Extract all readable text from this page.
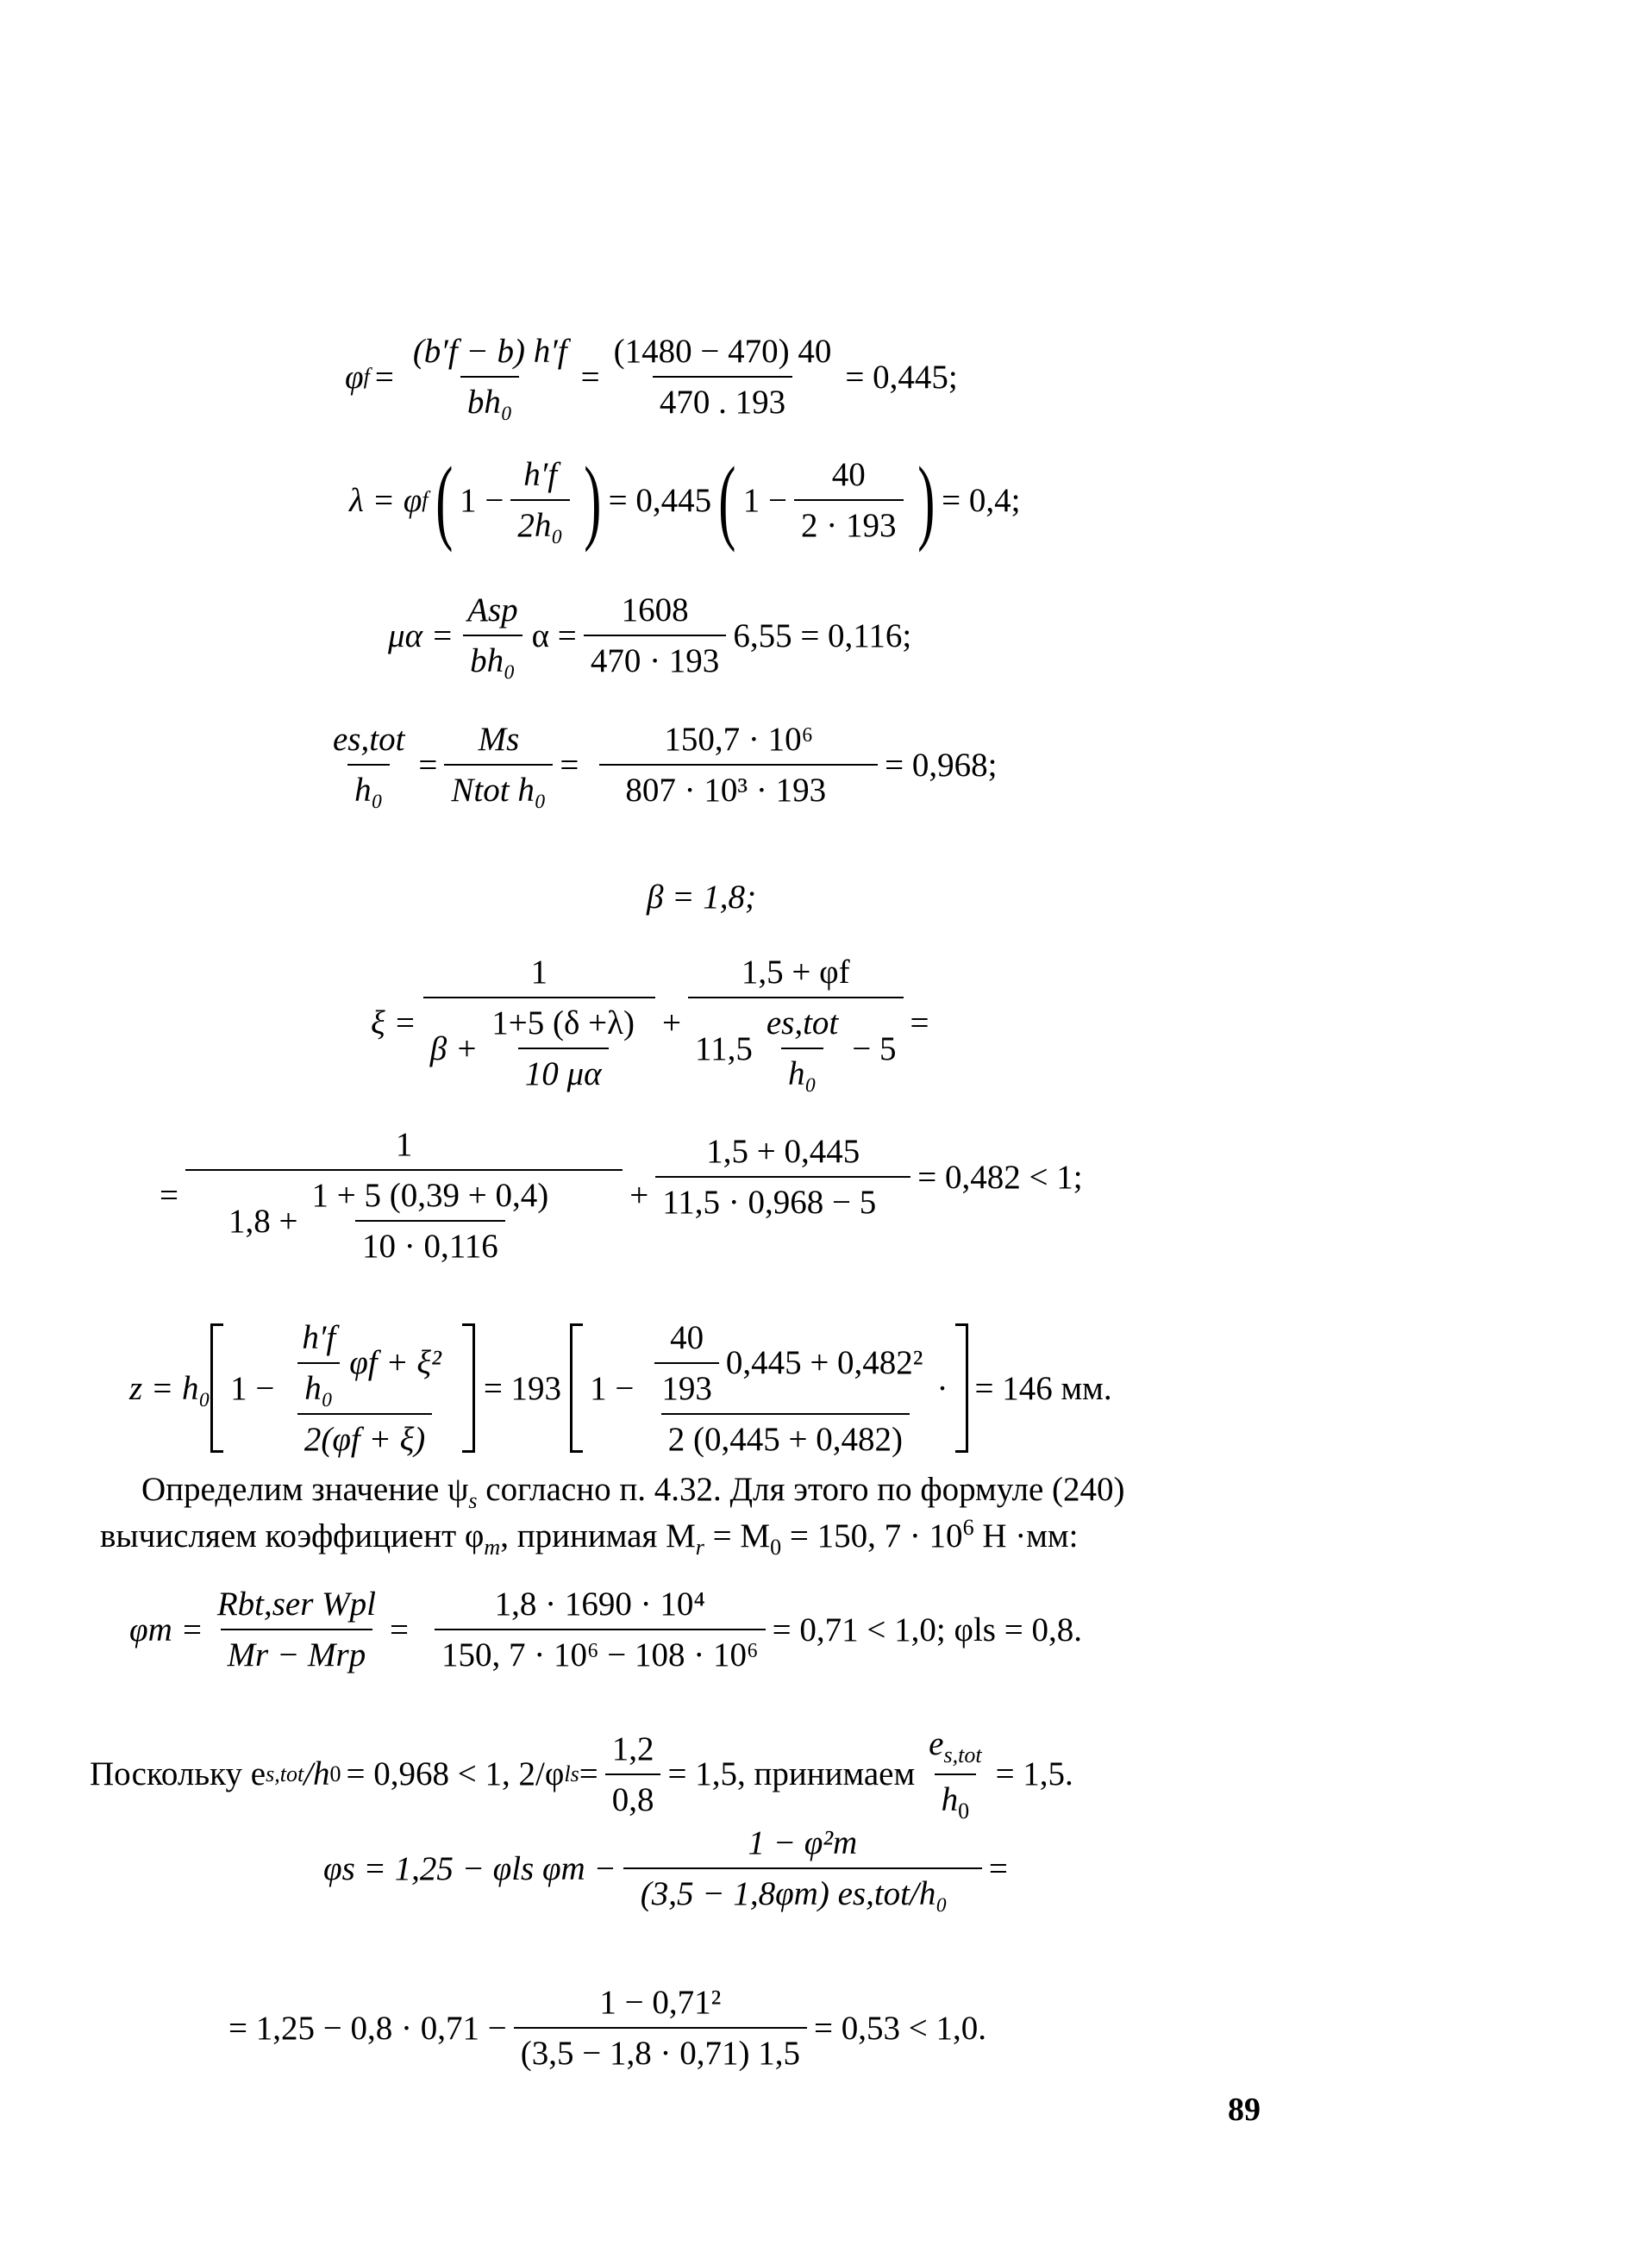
φ $f = \frac{(b'f - b) h'f}{\text{bh₀}} = \frac{(1480 - 470) 40}{470 . 193} = 0,445$;
λ = φ f ( $1 - \frac{h'f}{\text{2h₀}}$ ) = 0,445 ( $1 - \frac{40}{2 \cdot 193}$ ) = 0,4;
$\mu\alpha = \frac{\text{Asp}}{\text{bh₀}}$ $\alpha = \frac{1608}{470 \cdot 193} 6,55 = 0,116$;
$\frac{\text{es,tot}}{\text{h₀}} = \frac{Ms}{\text{Ntot h₀}} = \frac{\text{150,7 · 10⁶}}{\text{807 · 10³ · 193}} = 0,968$;
β = 1,8;
$\xi = \frac{1}{\beta + \frac{1+5 (\delta +\lambda)}{10 \mu\alpha}} + \frac{1,5 + \varphi f}{11,5 \frac{\text{es,tot}}{\text{h₀}} - 5}$ =
= $\frac{1}{1,8 + \frac{1 + 5 (0,39 + 0,4)}{10 \cdot 0,116}} + \frac{1,5 + 0,445}{11,5 \cdot 0,968 - 5} = 0,482 < 1$;
z = h₀ $1 - \frac{\frac{h'f}{\text{h₀}} \varphi f + \xi^2}{2(\varphi f + \xi)} = 193$ $1 - \frac{\frac{40}{193} 0,445 + 0,482^2}{2 (0,445 + 0,482)}$ · = 146 мм.
Определим значение $\psi_s$ согласно п. 4.32. Для этого по формуле (240)
вычисляем коэффициент $\varphi_m$, принимая $M_r = M_0 = 150$, $7 \cdot 10^6$ Н ·мм:
$\varphi m = \frac{\text{Rbt,ser Wpl}}{\text{Mr − Mrp}} = \frac{\text{1,8 · 1690 · 10⁴}}{\text{150, 7 · 10⁶ − 108 · 10⁶}} = 0,71 < 1,0$; φls = 0,8.
Поскольку e s,tot /h 0 = 0,968 < 1, 2/φ ls = $\frac{1,2}{0,8} = 1,5$, принимаем $\frac{e_{s,tot}}{h_0} = 1,5$.
φs = 1,25 − φls $\varphi m - \frac{\text{1 − φ²m}}{\text{(3,5 − 1,8φm) es,tot/h₀}}$ =
= $1,25 - 0,8 \cdot 0,71 - \frac{\text{1 − 0,71²}}{(3,5 - 1,8 \cdot 0,71) 1,5} = 0,53 < 1,0$.
89
